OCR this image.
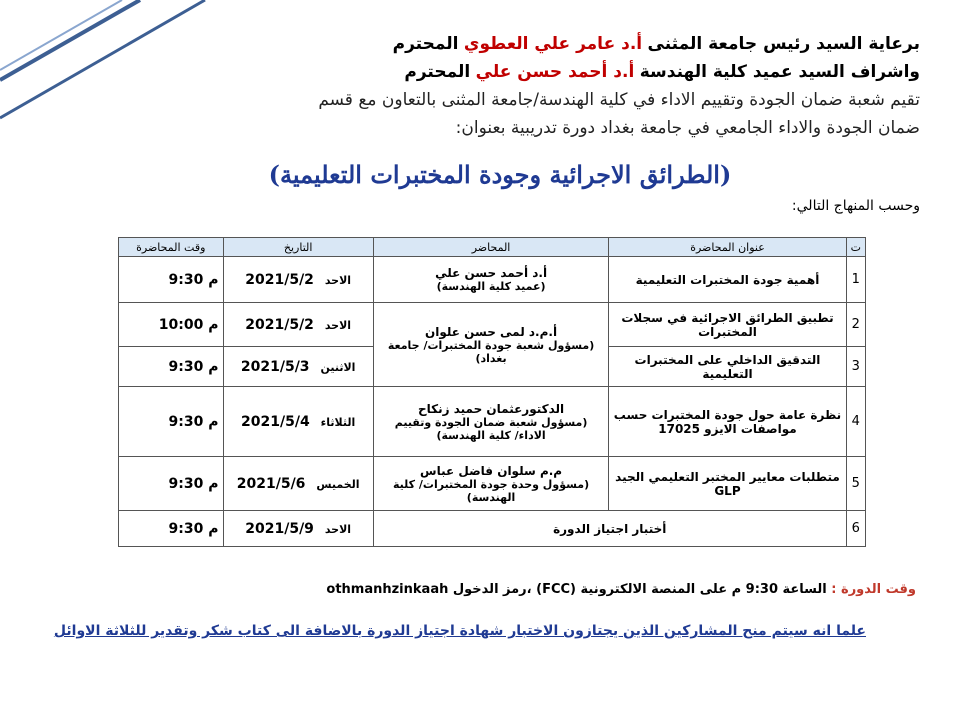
برعاية السيد رئيس جامعة المثنى أ.د عامر علي العطوي المحترم
واشراف السيد عميد كلية الهندسة أ.د أحمد حسن علي المحترم
تقيم شعبة ضمان الجودة وتقييم الاداء في كلية الهندسة/جامعة المثنى بالتعاون مع قسم ضمان الجودة والاداء الجامعي في جامعة بغداد دورة تدريبية بعنوان:
(الطرائق الاجرائية وجودة المختبرات التعليمية)
وحسب المنهاج التالي:
ت	عنوان المحاضرة	المحاضر	التاريخ	وقت المحاضرة
1	أهمية جودة المختبرات التعليمية	أ.د أحمد حسن علي
(عميد كلية الهندسة)	الاحد 2021/5/2	م 9:30
2	تطبيق الطرائق الاجرائية في سجلات المختبرات	أ.م.د لمى حسن علوان
(مسؤول شعبة جودة المختبرات/ جامعة بغداد)	الاحد 2021/5/2	م 10:00
3	التدقيق الداخلي على المختبرات التعليمية		الاثنين 2021/5/3	م 9:30
4	نظرة عامة حول جودة المختبرات حسب مواصفات الايزو 17025	الدكتورعثمان حميد زنكاح
(مسؤول شعبة ضمان الجودة وتقييم الاداء/ كلية الهندسة)	الثلاثاء 2021/5/4	م 9:30
5	متطلبات معايير المختبر التعليمي الجيد GLP	م.م سلوان فاضل عباس
(مسؤول وحدة جودة المختبرات/ كلية الهندسة)	الخميس 2021/5/6	م 9:30
6	أختبار اجتياز الدورة		الاحد 2021/5/9	م 9:30
وقت الدورة : الساعة 9:30 م على المنصة الالكترونية (FCC) ،رمز الدخول othmanhzinkaah
علما انه سيتم منح المشاركين الذين يجتازون الاختبار شهادة اجتياز الدورة بالاضافة الى كتاب شكر وتقدير للثلاثة الاوائل
